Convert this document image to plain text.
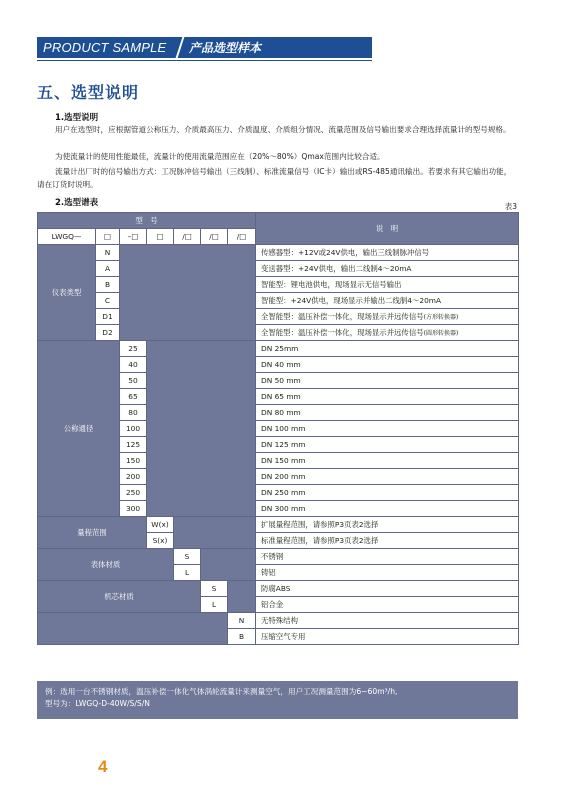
PRODUCT SAMPLE	产品选型样本
五、选型说明
1.选型说明
用户在选型时，应根据管道公称压力、介质最高压力、介质温度、介质组分情况、流量范围及信号输出要求合理选择流量计的型号规格。
为使流量计的使用性能最佳，流量计的使用流量范围应在（20%～80%）Qmax范围内比较合适。
流量计出厂时的信号输出方式：工况脉冲信号输出（三线制）、标准流量信号（IC卡）输出或RS-485通讯输出。若要求有其它输出功能，请在订货时说明。
2.选型谱表	表3
型　号							说　明
LWGQ—	□	–□	□	/□	/□	/□	
仪表类型	N						传感器型：+12V或24V供电，输出三线制脉冲信号
	A						变送器型：+24V供电，输出二线制4～20mA
	B						智能型：锂电池供电，现场显示无信号输出
	C						智能型：+24V供电，现场显示并输出二线制4～20mA
	D1						全智能型：温压补偿一体化，现场显示并远传信号(方形转换器)
	D2						全智能型：温压补偿一体化，现场显示并远传信号(圆形转换器)
公称通径		25					DN 25mm
		40					DN 40 mm
		50					DN 50 mm
		65					DN 65 mm
		80					DN 80 mm
		100					DN 100 mm
		125					DN 125 mm
		150					DN 150 mm
		200					DN 200 mm
		250					DN 250 mm
		300					DN 300 mm
量程范围			W(x)				扩展量程范围，请参照P3页表2选择
			S(x)				标准量程范围，请参照P3页表2选择
表体材质				S			不锈钢
				L			铸铝
机芯材质					S		防腐ABS
					L		铝合金
						N	无特殊结构
						B	压缩空气专用
例：选用一台不锈钢材质，温压补偿一体化气体涡轮流量计来测量空气，用户工况测量范围为6~60m³/h,
型号为：LWGQ-D-40W/S/S/N
4
